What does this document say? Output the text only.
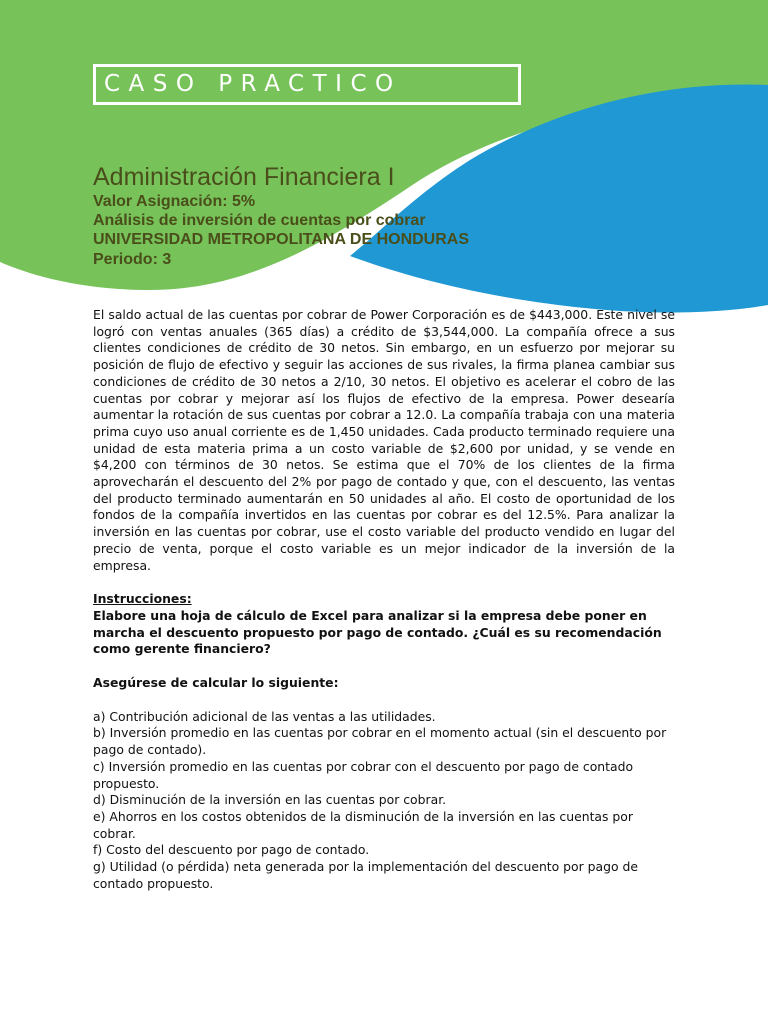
CASO PRACTICO
Administración Financiera I
Valor Asignación: 5%
Análisis de inversión de cuentas por cobrar
UNIVERSIDAD METROPOLITANA DE HONDURAS
Periodo: 3

El saldo actual de las cuentas por cobrar de Power Corporación es de $443,000. Este nivel se logró con ventas anuales (365 días) a crédito de $3,544,000. La compañía ofrece a sus clientes condiciones de crédito de 30 netos. Sin embargo, en un esfuerzo por mejorar su posición de flujo de efectivo y seguir las acciones de sus rivales, la firma planea cambiar sus condiciones de crédito de 30 netos a 2/10, 30 netos. El objetivo es acelerar el cobro de las cuentas por cobrar y mejorar así los flujos de efectivo de la empresa. Power desearía aumentar la rotación de sus cuentas por cobrar a 12.0. La compañía trabaja con una materia prima cuyo uso anual corriente es de 1,450 unidades. Cada producto terminado requiere una unidad de esta materia prima a un costo variable de $2,600 por unidad, y se vende en $4,200 con términos de 30 netos. Se estima que el 70% de los clientes de la firma aprovecharán el descuento del 2% por pago de contado y que, con el descuento, las ventas del producto terminado aumentarán en 50 unidades al año. El costo de oportunidad de los fondos de la compañía invertidos en las cuentas por cobrar es del 12.5%. Para analizar la inversión en las cuentas por cobrar, use el costo variable del producto vendido en lugar del precio de venta, porque el costo variable es un mejor indicador de la inversión de la empresa.

Instrucciones:

Elabore una hoja de cálculo de Excel para analizar si la empresa debe poner en marcha el descuento propuesto por pago de contado. ¿Cuál es su recomendación como gerente financiero?

Asegúrese de calcular lo siguiente:

a) Contribución adicional de las ventas a las utilidades.
b) Inversión promedio en las cuentas por cobrar en el momento actual (sin el descuento por pago de contado).
c) Inversión promedio en las cuentas por cobrar con el descuento por pago de contado propuesto.
d) Disminución de la inversión en las cuentas por cobrar.
e) Ahorros en los costos obtenidos de la disminución de la inversión en las cuentas por cobrar.
f) Costo del descuento por pago de contado.
g) Utilidad (o pérdida) neta generada por la implementación del descuento por pago de contado propuesto.
